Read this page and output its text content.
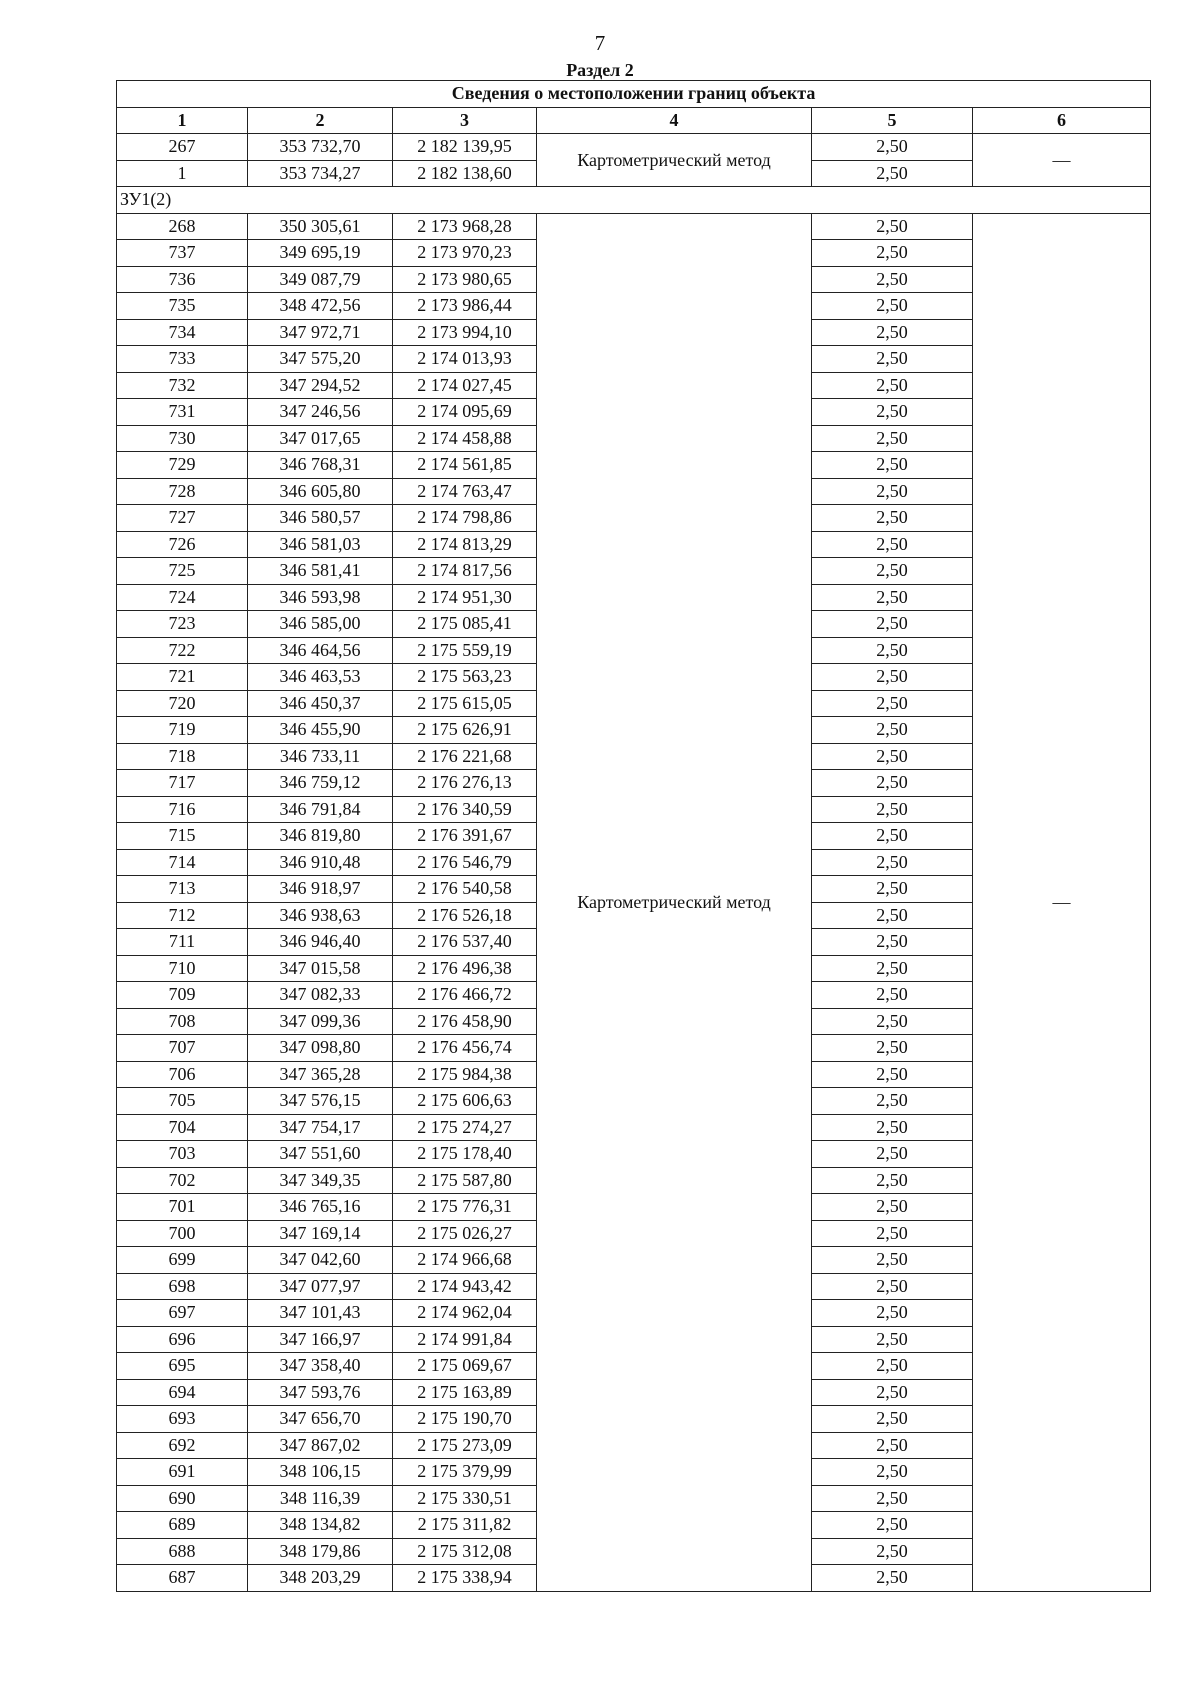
7
Раздел 2
Сведения о местоположении границ объекта					
1	2	3	4	5	6
267	353 732,70	2 182 139,95	Картометрический метод	2,50	—
1	353 734,27	2 182 138,60		2,50	
ЗУ1(2)					
268	350 305,61	2 173 968,28	Картометрический метод	2,50	—
737	349 695,19	2 173 970,23		2,50	
736	349 087,79	2 173 980,65		2,50	
735	348 472,56	2 173 986,44		2,50	
734	347 972,71	2 173 994,10		2,50	
733	347 575,20	2 174 013,93		2,50	
732	347 294,52	2 174 027,45		2,50	
731	347 246,56	2 174 095,69		2,50	
730	347 017,65	2 174 458,88		2,50	
729	346 768,31	2 174 561,85		2,50	
728	346 605,80	2 174 763,47		2,50	
727	346 580,57	2 174 798,86		2,50	
726	346 581,03	2 174 813,29		2,50	
725	346 581,41	2 174 817,56		2,50	
724	346 593,98	2 174 951,30		2,50	
723	346 585,00	2 175 085,41		2,50	
722	346 464,56	2 175 559,19		2,50	
721	346 463,53	2 175 563,23		2,50	
720	346 450,37	2 175 615,05		2,50	
719	346 455,90	2 175 626,91		2,50	
718	346 733,11	2 176 221,68		2,50	
717	346 759,12	2 176 276,13		2,50	
716	346 791,84	2 176 340,59		2,50	
715	346 819,80	2 176 391,67		2,50	
714	346 910,48	2 176 546,79		2,50	
713	346 918,97	2 176 540,58		2,50	
712	346 938,63	2 176 526,18		2,50	
711	346 946,40	2 176 537,40		2,50	
710	347 015,58	2 176 496,38		2,50	
709	347 082,33	2 176 466,72		2,50	
708	347 099,36	2 176 458,90		2,50	
707	347 098,80	2 176 456,74		2,50	
706	347 365,28	2 175 984,38		2,50	
705	347 576,15	2 175 606,63		2,50	
704	347 754,17	2 175 274,27		2,50	
703	347 551,60	2 175 178,40		2,50	
702	347 349,35	2 175 587,80		2,50	
701	346 765,16	2 175 776,31		2,50	
700	347 169,14	2 175 026,27		2,50	
699	347 042,60	2 174 966,68		2,50	
698	347 077,97	2 174 943,42		2,50	
697	347 101,43	2 174 962,04		2,50	
696	347 166,97	2 174 991,84		2,50	
695	347 358,40	2 175 069,67		2,50	
694	347 593,76	2 175 163,89		2,50	
693	347 656,70	2 175 190,70		2,50	
692	347 867,02	2 175 273,09		2,50	
691	348 106,15	2 175 379,99		2,50	
690	348 116,39	2 175 330,51		2,50	
689	348 134,82	2 175 311,82		2,50	
688	348 179,86	2 175 312,08		2,50	
687	348 203,29	2 175 338,94		2,50	
